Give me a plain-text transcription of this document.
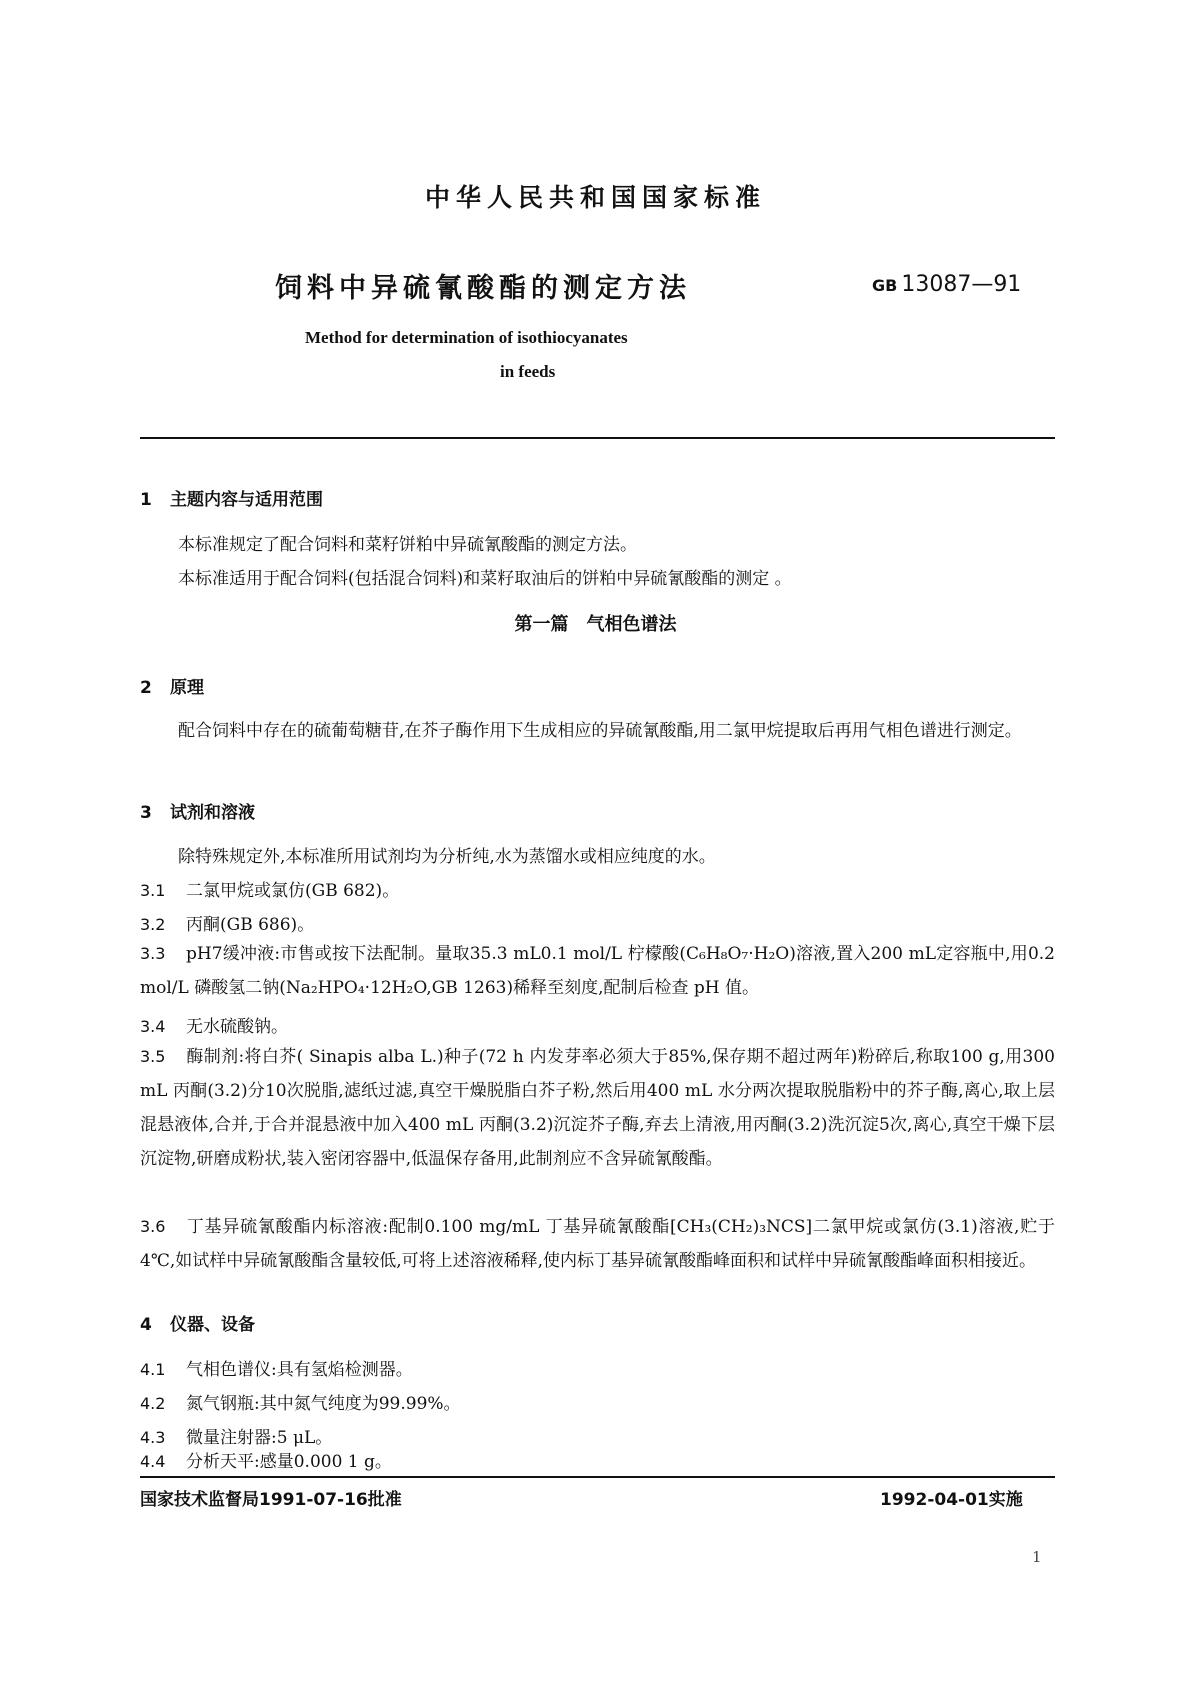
中华人民共和国国家标准
饲料中异硫氰酸酯的测定方法	GB 13087—91
Method for determination of isothiocyanates
in feeds
1 主题内容与适用范围
本标准规定了配合饲料和菜籽饼粕中异硫氰酸酯的测定方法。
本标准适用于配合饲料(包括混合饲料)和菜籽取油后的饼粕中异硫氰酸酯的测定 。
第一篇　气相色谱法
2 原理
配合饲料中存在的硫葡萄糖苷,在芥子酶作用下生成相应的异硫氰酸酯,用二氯甲烷提取后再用气相色谱进行测定。
3 试剂和溶液
除特殊规定外,本标准所用试剂均为分析纯,水为蒸馏水或相应纯度的水。
3.1 二氯甲烷或氯仿(GB 682)。
3.2 丙酮(GB 686)。
3.3 pH7缓冲液:市售或按下法配制。量取35.3 mL0.1 mol/L 柠檬酸(C₆H₈O₇·H₂O)溶液,置入200 mL定容瓶中,用0.2 mol/L 磷酸氢二钠(Na₂HPO₄·12H₂O,GB 1263)稀释至刻度,配制后检查 pH 值。
3.4 无水硫酸钠。
3.5 酶制剂:将白芥( Sinapis alba L.)种子(72 h 内发芽率必须大于85%,保存期不超过两年)粉碎后,称取100 g,用300 mL 丙酮(3.2)分10次脱脂,滤纸过滤,真空干燥脱脂白芥子粉,然后用400 mL 水分两次提取脱脂粉中的芥子酶,离心,取上层混悬液体,合并,于合并混悬液中加入400 mL 丙酮(3.2)沉淀芥子酶,弃去上清液,用丙酮(3.2)洗沉淀5次,离心,真空干燥下层沉淀物,研磨成粉状,装入密闭容器中,低温保存备用,此制剂应不含异硫氰酸酯。
3.6 丁基异硫氰酸酯内标溶液:配制0.100 mg/mL 丁基异硫氰酸酯[CH₃(CH₂)₃NCS]二氯甲烷或氯仿(3.1)溶液,贮于4℃,如试样中异硫氰酸酯含量较低,可将上述溶液稀释,使内标丁基异硫氰酸酯峰面积和试样中异硫氰酸酯峰面积相接近。
4 仪器、设备
4.1 气相色谱仪:具有氢焰检测器。
4.2 氮气钢瓶:其中氮气纯度为99.99%。
4.3 微量注射器:5 μL。
4.4 分析天平:感量0.000 1 g。
国家技术监督局1991-07-16批准	1992-04-01实施
1
